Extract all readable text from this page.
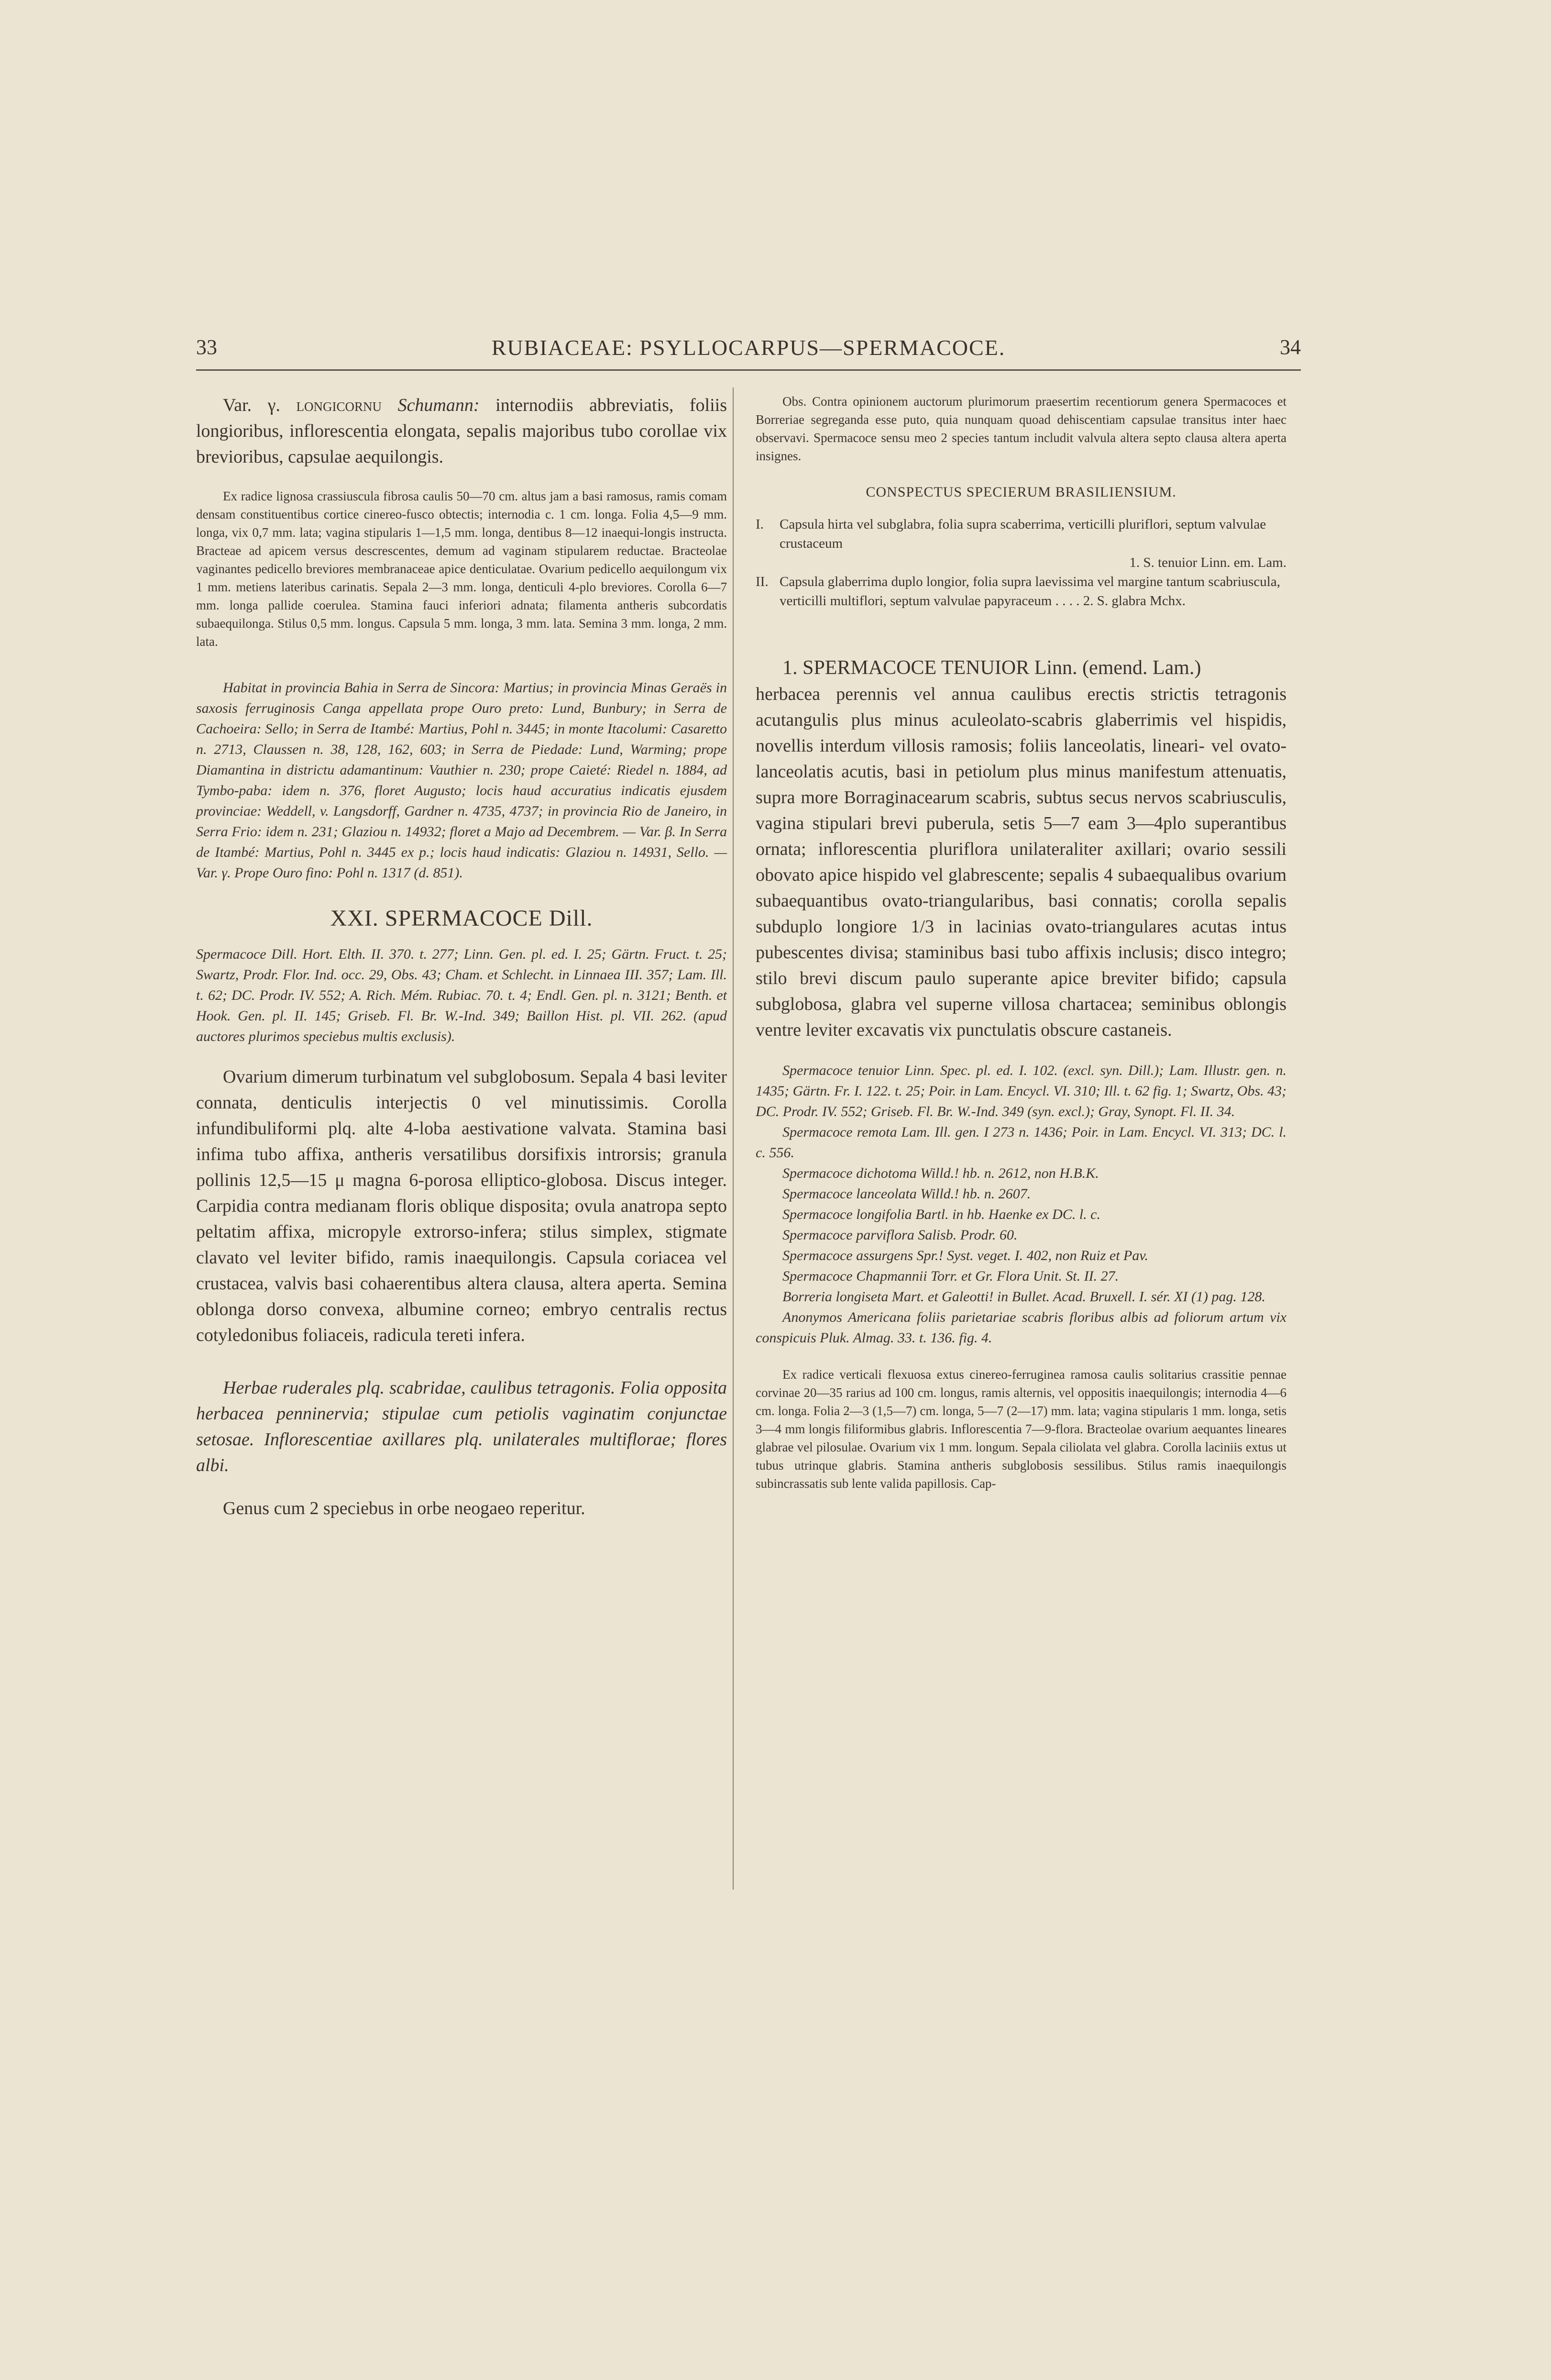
33	RUBIACEAE: PSYLLOCARPUS—SPERMACOCE.	34

Var. γ. longicornu Schumann: internodiis abbreviatis, foliis longioribus, inflorescentia elongata, sepalis majoribus tubo corollae vix brevioribus, capsulae aequilongis.

Ex radice lignosa crassiuscula fibrosa caulis 50—70 cm. altus jam a basi ramosus, ramis comam densam constituentibus cortice cinereo-fusco obtectis; internodia c. 1 cm. longa. Folia 4,5—9 mm. longa, vix 0,7 mm. lata; vagina stipularis 1—1,5 mm. longa, dentibus 8—12 inaequi-longis instructa. Bracteae ad apicem versus descrescentes, demum ad vaginam stipularem reductae. Bracteolae vaginantes pedicello breviores membranaceae apice denticulatae. Ovarium pedicello aequilongum vix 1 mm. metiens lateribus carinatis. Sepala 2—3 mm. longa, denticuli 4-plo breviores. Corolla 6—7 mm. longa pallide coerulea. Stamina fauci inferiori adnata; filamenta antheris subcordatis subaequilonga. Stilus 0,5 mm. longus. Capsula 5 mm. longa, 3 mm. lata. Semina 3 mm. longa, 2 mm. lata.

Habitat in provincia Bahia in Serra de Sincora: Martius; in provincia Minas Geraës in saxosis ferruginosis Canga appellata prope Ouro preto: Lund, Bunbury; in Serra de Cachoeira: Sello; in Serra de Itambé: Martius, Pohl n. 3445; in monte Itacolumi: Casaretto n. 2713, Claussen n. 38, 128, 162, 603; in Serra de Piedade: Lund, Warming; prope Diamantina in districtu adamantinum: Vauthier n. 230; prope Caieté: Riedel n. 1884, ad Tymbo-paba: idem n. 376, floret Augusto; locis haud accuratius indicatis ejusdem provinciae: Weddell, v. Langsdorff, Gardner n. 4735, 4737; in provincia Rio de Janeiro, in Serra Frio: idem n. 231; Glaziou n. 14932; floret a Majo ad Decembrem. — Var. β. In Serra de Itambé: Martius, Pohl n. 3445 ex p.; locis haud indicatis: Glaziou n. 14931, Sello. — Var. γ. Prope Ouro fino: Pohl n. 1317 (d. 851).

XXI. SPERMACOCE Dill.

Spermacoce Dill. Hort. Elth. II. 370. t. 277; Linn. Gen. pl. ed. I. 25; Gärtn. Fruct. t. 25; Swartz, Prodr. Flor. Ind. occ. 29, Obs. 43; Cham. et Schlecht. in Linnaea III. 357; Lam. Ill. t. 62; DC. Prodr. IV. 552; A. Rich. Mém. Rubiac. 70. t. 4; Endl. Gen. pl. n. 3121; Benth. et Hook. Gen. pl. II. 145; Griseb. Fl. Br. W.-Ind. 349; Baillon Hist. pl. VII. 262. (apud auctores plurimos speciebus multis exclusis).

Ovarium dimerum turbinatum vel subglobosum. Sepala 4 basi leviter connata, denticulis interjectis 0 vel minutissimis. Corolla infundibuliformi plq. alte 4-loba aestivatione valvata. Stamina basi infima tubo affixa, antheris versatilibus dorsifixis introrsis; granula pollinis 12,5—15 μ magna 6-porosa elliptico-globosa. Discus integer. Carpidia contra medianam floris oblique disposita; ovula anatropa septo peltatim affixa, micropyle extrorso-infera; stilus simplex, stigmate clavato vel leviter bifido, ramis inaequilongis. Capsula coriacea vel crustacea, valvis basi cohaerentibus altera clausa, altera aperta. Semina oblonga dorso convexa, albumine corneo; embryo centralis rectus cotyledonibus foliaceis, radicula tereti infera.

Herbae ruderales plq. scabridae, caulibus tetragonis. Folia opposita herbacea penninervia; stipulae cum petiolis vaginatim conjunctae setosae. Inflorescentiae axillares plq. unilaterales multiflorae; flores albi.

Genus cum 2 speciebus in orbe neogaeo reperitur.

Obs. Contra opinionem auctorum plurimorum praesertim recentiorum genera Spermacoces et Borreriae segreganda esse puto, quia nunquam quoad dehiscentiam capsulae transitus inter haec observavi. Spermacoce sensu meo 2 species tantum includit valvula altera septo clausa altera aperta insignes.

CONSPECTUS SPECIERUM BRASILIENSIUM.
I.	Capsula hirta vel subglabra, folia supra scaberrima, verticilli pluriflori, septum valvulae crustaceum
1. S. tenuior Linn. em. Lam.
II. Capsula glaberrima duplo longior, folia supra laevissima vel margine tantum scabriuscula, verticilli multiflori, septum valvulae papyraceum . . . . 2. S. glabra Mchx.

1. SPERMACOCE TENUIOR Linn. (emend. Lam.)

herbacea perennis vel annua caulibus erectis strictis tetragonis acutangulis plus minus aculeolato-scabris glaberrimis vel hispidis, novellis interdum villosis ramosis; foliis lanceolatis, lineari- vel ovato-lanceolatis acutis, basi in petiolum plus minus manifestum attenuatis, supra more Borraginacearum scabris, subtus secus nervos scabriusculis, vagina stipulari brevi puberula, setis 5—7 eam 3—4plo superantibus ornata; inflorescentia pluriflora unilateraliter axillari; ovario sessili obovato apice hispido vel glabrescente; sepalis 4 subaequalibus ovarium subaequantibus ovato-triangularibus, basi connatis; corolla sepalis subduplo longiore 1/3 in lacinias ovato-triangulares acutas intus pubescentes divisa; staminibus basi tubo affixis inclusis; disco integro; stilo brevi discum paulo superante apice breviter bifido; capsula subglobosa, glabra vel superne villosa chartacea; seminibus oblongis ventre leviter excavatis vix punctulatis obscure castaneis.

Spermacoce tenuior Linn. Spec. pl. ed. I. 102. (excl. syn. Dill.); Lam. Illustr. gen. n. 1435; Gärtn. Fr. I. 122. t. 25; Poir. in Lam. Encycl. VI. 310; Ill. t. 62 fig. 1; Swartz, Obs. 43; DC. Prodr. IV. 552; Griseb. Fl. Br. W.-Ind. 349 (syn. excl.); Gray, Synopt. Fl. II. 34.

Spermacoce remota Lam. Ill. gen. I 273 n. 1436; Poir. in Lam. Encycl. VI. 313; DC. l. c. 556.

Spermacoce dichotoma Willd.! hb. n. 2612, non H.B.K.

Spermacoce lanceolata Willd.! hb. n. 2607.

Spermacoce longifolia Bartl. in hb. Haenke ex DC. l. c.

Spermacoce parviflora Salisb. Prodr. 60.

Spermacoce assurgens Spr.! Syst. veget. I. 402, non Ruiz et Pav.

Spermacoce Chapmannii Torr. et Gr. Flora Unit. St. II. 27.

Borreria longiseta Mart. et Galeotti! in Bullet. Acad. Bruxell. I. sér. XI (1) pag. 128.

Anonymos Americana foliis parietariae scabris floribus albis ad foliorum artum vix conspicuis Pluk. Almag. 33. t. 136. fig. 4.

Ex radice verticali flexuosa extus cinereo-ferruginea ramosa caulis solitarius crassitie pennae corvinae 20—35 rarius ad 100 cm. longus, ramis alternis, vel oppositis inaequilongis; internodia 4—6 cm. longa. Folia 2—3 (1,5—7) cm. longa, 5—7 (2—17) mm. lata; vagina stipularis 1 mm. longa, setis 3—4 mm longis filiformibus glabris. Inflorescentia 7—9-flora. Bracteolae ovarium aequantes lineares glabrae vel pilosulae. Ovarium vix 1 mm. longum. Sepala ciliolata vel glabra. Corolla laciniis extus ut tubus utrinque glabris. Stamina antheris subglobosis sessilibus. Stilus ramis inaequilongis subincrassatis sub lente valida papillosis. Cap-
